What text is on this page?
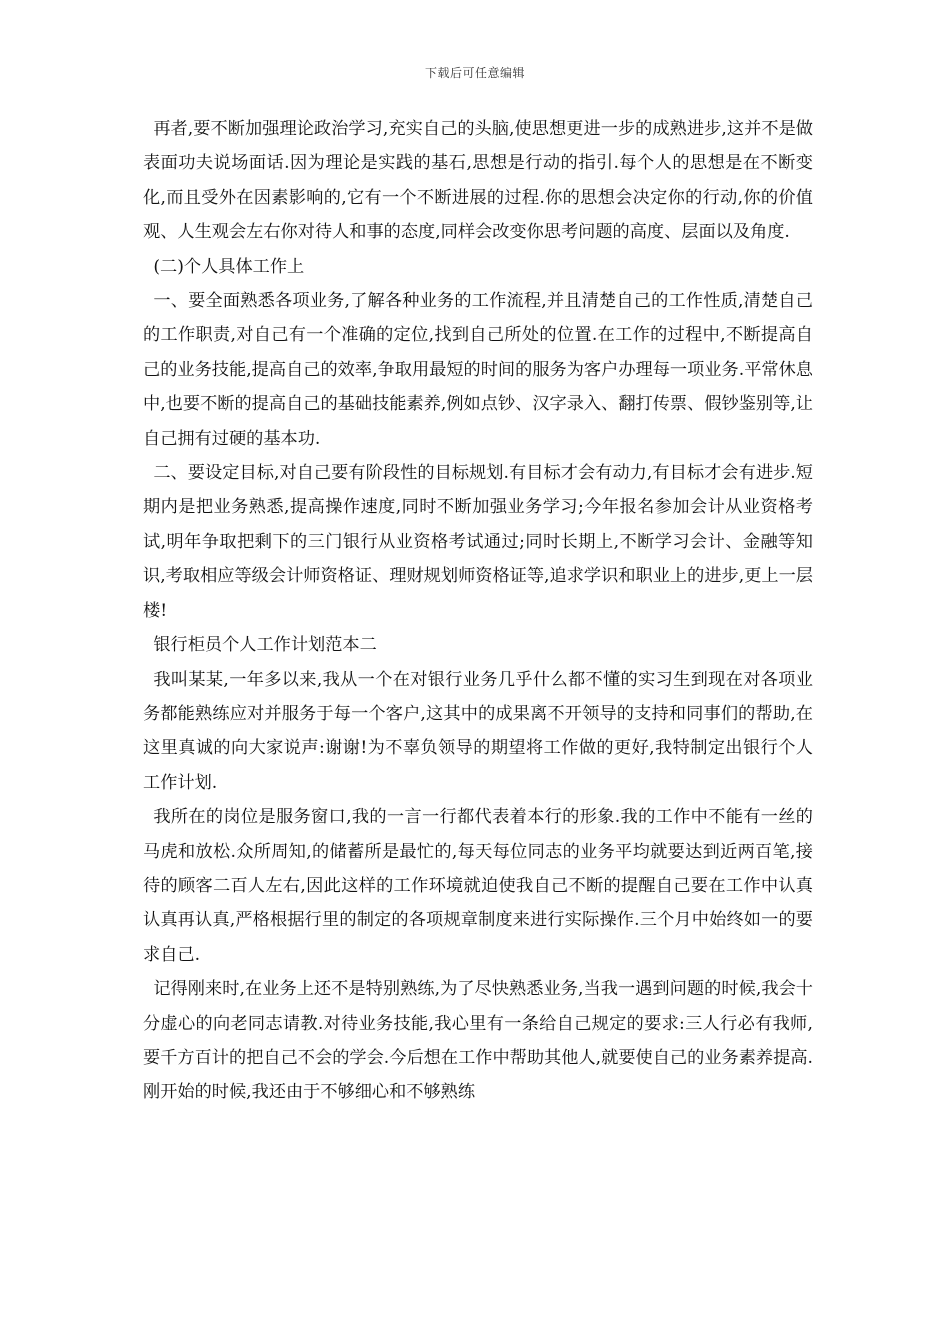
下载后可任意编辑

再者,要不断加强理论政治学习,充实自己的头脑,使思想更进一步的成熟进步,这并不是做表面功夫说场面话.因为理论是实践的基石,思想是行动的指引.每个人的思想是在不断变化,而且受外在因素影响的,它有一个不断进展的过程.你的思想会决定你的行动,你的价值观、人生观会左右你对待人和事的态度,同样会改变你思考问题的高度、层面以及角度.

(二)个人具体工作上

一、要全面熟悉各项业务,了解各种业务的工作流程,并且清楚自己的工作性质,清楚自己的工作职责,对自己有一个准确的定位,找到自己所处的位置.在工作的过程中,不断提高自己的业务技能,提高自己的效率,争取用最短的时间的服务为客户办理每一项业务.平常休息中,也要不断的提高自己的基础技能素养,例如点钞、汉字录入、翻打传票、假钞鉴别等,让自己拥有过硬的基本功.

二、要设定目标,对自己要有阶段性的目标规划.有目标才会有动力,有目标才会有进步.短期内是把业务熟悉,提高操作速度,同时不断加强业务学习;今年报名参加会计从业资格考试,明年争取把剩下的三门银行从业资格考试通过;同时长期上,不断学习会计、金融等知识,考取相应等级会计师资格证、理财规划师资格证等,追求学识和职业上的进步,更上一层楼!

银行柜员个人工作计划范本二

我叫某某,一年多以来,我从一个在对银行业务几乎什么都不懂的实习生到现在对各项业务都能熟练应对并服务于每一个客户,这其中的成果离不开领导的支持和同事们的帮助,在这里真诚的向大家说声:谢谢!为不辜负领导的期望将工作做的更好,我特制定出银行个人工作计划.

我所在的岗位是服务窗口,我的一言一行都代表着本行的形象.我的工作中不能有一丝的马虎和放松.众所周知,的储蓄所是最忙的,每天每位同志的业务平均就要达到近两百笔,接待的顾客二百人左右,因此这样的工作环境就迫使我自己不断的提醒自己要在工作中认真认真再认真,严格根据行里的制定的各项规章制度来进行实际操作.三个月中始终如一的要求自己.

记得刚来时,在业务上还不是特别熟练,为了尽快熟悉业务,当我一遇到问题的时候,我会十分虚心的向老同志请教.对待业务技能,我心里有一条给自己规定的要求:三人行必有我师,要千方百计的把自己不会的学会.今后想在工作中帮助其他人,就要使自己的业务素养提高.刚开始的时候,我还由于不够细心和不够熟练
